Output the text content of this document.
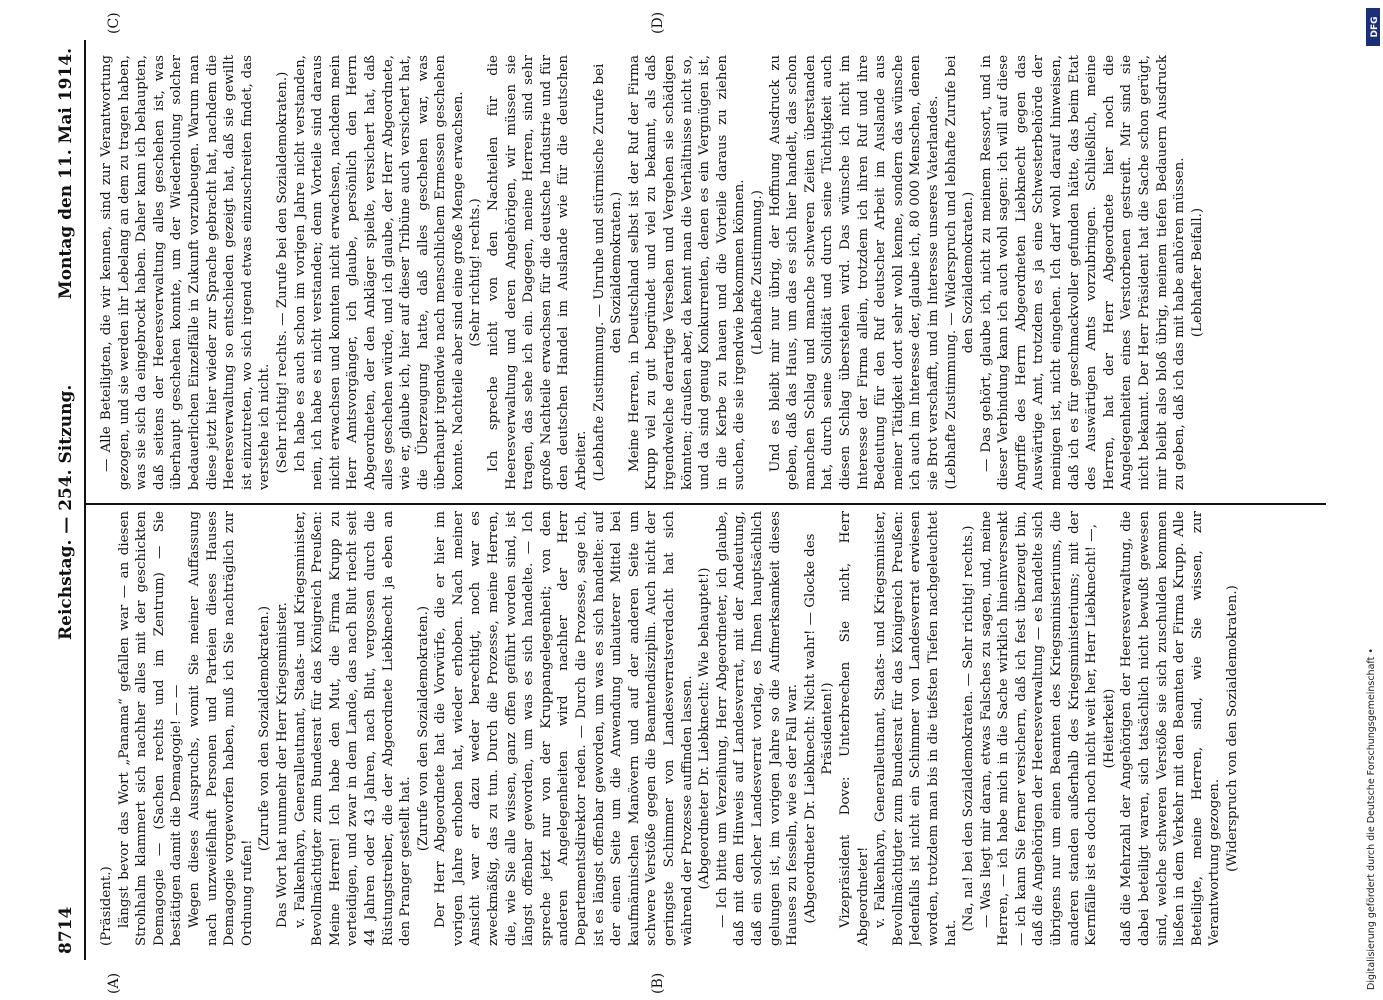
8714
Reichstag. — 254. Sitzung.
Montag den 11. Mai 1914.
(A)	(B)
(C)	(D)

(Präsident.) längst bevor das Wort „Panama“ gefallen war — an diesen Strohhalm klammert sich nachher alles mit der geschickten Demagogie — (Sachen rechts und im Zentrum) — Sie bestätigen damit die Demagogie! — — Wegen dieses Ausspruchs, womit Sie meiner Auffassung nach unzweifelhaft Personen und Parteien dieses Hauses Demagogie vorgeworfen haben, muß ich Sie nachträglich zur Ordnung rufen!

(Zurufe von den Sozialdemokraten.) Das Wort hat nunmehr der Herr Kriegsminister. v. Falkenhayn, Generalleutnant, Staats- und Kriegsminister, Bevollmächtigter zum Bundesrat für das Königreich Preußen: Meine Herren! Ich habe den Mut, die Firma Krupp zu verteidigen, und zwar in dem Lande, das nach Blut riecht seit 44 Jahren oder 43 Jahren, nach Blut, vergossen durch die Rüstungstreiber, die der Abgeordnete Liebknecht ja eben an den Pranger gestellt hat.

(Zurufe von den Sozialdemokraten.) Der Herr Abgeordnete hat die Vorwürfe, die er hier im vorigen Jahre erhoben hat, wieder erhoben. Nach meiner Ansicht war er dazu weder berechtigt, noch war es zweckmäßig, das zu tun. Durch die Prozesse, meine Herren, die, wie Sie alle wissen, ganz offen geführt worden sind, ist längst offenbar geworden, um was es sich handelte. — Ich spreche jetzt nur von der Kruppangelegenheit; von den anderen Angelegenheiten wird nachher der Herr Departementsdirektor reden. — Durch die Prozesse, sage ich, ist es längst offenbar geworden, um was es sich handelte: auf der einen Seite um die Anwendung unlauterer Mittel bei kaufmännischen Manövern und auf der anderen Seite um schwere Verstöße gegen die Beamtendisziplin. Auch nicht der geringste Schimmer von Landesverratsverdacht hat sich während der Prozesse auffinden lassen. (Abgeordneter Dr. Liebknecht: Wie behauptet!) — Ich bitte um Verzeihung, Herr Abgeordneter, ich glaube, daß mit dem Hinweis auf Landesverrat, mit der Andeutung, daß ein solcher Landesverrat vorlag, es Ihnen hauptsächlich gelungen ist, im vorigen Jahre so die Aufmerksamkeit dieses Hauses zu fesseln, wie es der Fall war. (Abgeordneter Dr. Liebknecht: Nicht wahr! — Glocke des Präsidenten!) Vizepräsident Dove: Unterbrechen Sie nicht, Herr Abgeordneter! v. Falkenhayn, Generalleutnant, Staats- und Kriegsminister, Bevollmächtigter zum Bundesrat für das Königreich Preußen: Jedenfalls ist nicht ein Schimmer von Landesverrat erwiesen worden, trotzdem man bis in die tiefsten Tiefen nachgeleuchtet hat.

(Na, na! bei den Sozialdemokraten. — Sehr richtig! rechts.) — Was liegt mir daran, etwas Falsches zu sagen, und, meine Herren, — ich habe mich in die Sache wirklich hineinversenkt — ich kann Sie ferner versichern, daß ich fest überzeugt bin, daß die Angehörigen der Heeresverwaltung — es handelte sich übrigens nur um einen Beamten des Kriegsministeriums, die anderen standen außerhalb des Kriegsministeriums; mit der Kernfälle ist es doch noch nicht weit her, Herr Liebknecht! —, (Heiterkeit) daß die Mehrzahl der Angehörigen der Heeresverwaltung, die dabei beteiligt waren, sich tatsächlich nicht bewußt gewesen sind, welche schweren Verstöße sie sich zuschulden kommen ließen in dem Verkehr mit den Beamten der Firma Krupp. Alle Beteiligte, meine Herren, sind, wie Sie wissen, zur Verantwortung gezogen. (Widerspruch von den Sozialdemokraten.)

— Alle Beteiligten, die wir kennen, sind zur Verantwortung gezogen, und sie werden ihr Lebelang an dem zu tragen haben, was sie sich da eingebrockt haben. Daher kann ich behaupten, daß seitens der Heeresverwaltung alles geschehen ist, was überhaupt geschehen konnte, um der Wiederholung solcher bedauerlichen Einzelfälle in Zukunft vorzubeugen. Warum man diese jetzt hier wieder zur Sprache gebracht hat, nachdem die Heeresverwaltung so entschieden gezeigt hat, daß sie gewillt ist einzutreten, wo sich irgend etwas einzuschreiten findet, das verstehe ich nicht. (Sehr richtig! rechts. — Zurufe bei den Sozialdemokraten.) Ich habe es auch schon im vorigen Jahre nicht verstanden, nein, ich habe es nicht verstanden; denn Vorteile sind daraus nicht erwachsen und konnten nicht erwachsen, nachdem mein Herr Amtsvorgänger, ich glaube, persönlich den Herrn Abgeordneten, der den Ankläger spielte, versichert hat, daß alles geschehen würde, und ich glaube, der Herr Abgeordnete, wie er, glaube ich, hier auf dieser Tribüne auch versichert hat, die Überzeugung hatte, daß alles geschehen war, was überhaupt irgendwie nach menschlichem Ermessen geschehen konnte. Nachteile aber sind eine große Menge erwachsen. (Sehr richtig! rechts.) Ich spreche nicht von den Nachteilen für die Heeresverwaltung und deren Angehörigen, wir müssen sie tragen, das sehe ich ein. Dagegen, meine Herren, sind sehr große Nachteile erwachsen für die deutsche Industrie und für den deutschen Handel im Auslande wie für die deutschen Arbeiter. (Lebhafte Zustimmung. — Unruhe und stürmische Zurufe bei den Sozialdemokraten.) Meine Herren, in Deutschland selbst ist der Ruf der Firma Krupp viel zu gut begründet und viel zu bekannt, als daß irgendwelche derartige Versehen und Vergehen sie schädigen könnten; draußen aber, da kennt man die Verhältnisse nicht so, und da sind genug Konkurrenten, denen es ein Vergnügen ist, in die Kerbe zu hauen und die Vorteile daraus zu ziehen suchen, die sie irgendwie bekommen können. (Lebhafte Zustimmung.) Und es bleibt mir nur übrig, der Hoffnung Ausdruck zu geben, daß das Haus, um das es sich hier handelt, das schon manchen Schlag und manche schweren Zeiten überstanden hat, durch seine Solidität und durch seine Tüchtigkeit auch diesen Schlag überstehen wird. Das wünsche ich nicht im Interesse der Firma allein, trotzdem ich ihren Ruf und ihre Bedeutung für den Ruf deutscher Arbeit im Auslande aus meiner Tätigkeit dort sehr wohl kenne, sondern das wünsche ich auch im Interesse der, glaube ich, 80 000 Menschen, denen sie Brot verschafft, und im Interesse unseres Vaterlandes. (Lebhafte Zustimmung. — Widerspruch und lebhafte Zurufe bei den Sozialdemokraten.) — Das gehört, glaube ich, nicht zu meinem Ressort, und in dieser Verbindung kann ich auch wohl sagen: ich will auf diese Angriffe des Herrn Abgeordneten Liebknecht gegen das Auswärtige Amt, trotzdem es ja eine Schwesterbehörde der meinigen ist, nicht eingehen. Ich darf wohl darauf hinweisen, daß ich es für geschmackvoller gefunden hätte, das beim Etat des Auswärtigen Amts vorzubringen. Schließlich, meine Herren, hat der Herr Abgeordnete hier noch die Angelegenheiten eines Verstorbenen gestreift. Mir sind sie nicht bekannt. Der Herr Präsident hat die Sache schon gerügt, mir bleibt also bloß übrig, meinem tiefen Bedauern Ausdruck zu geben, daß ich das mit habe anhören müssen. (Lebhafter Beifall.)

Digitalisierung gefördert durch die Deutsche Forschungsgemeinschaft •
DFG
